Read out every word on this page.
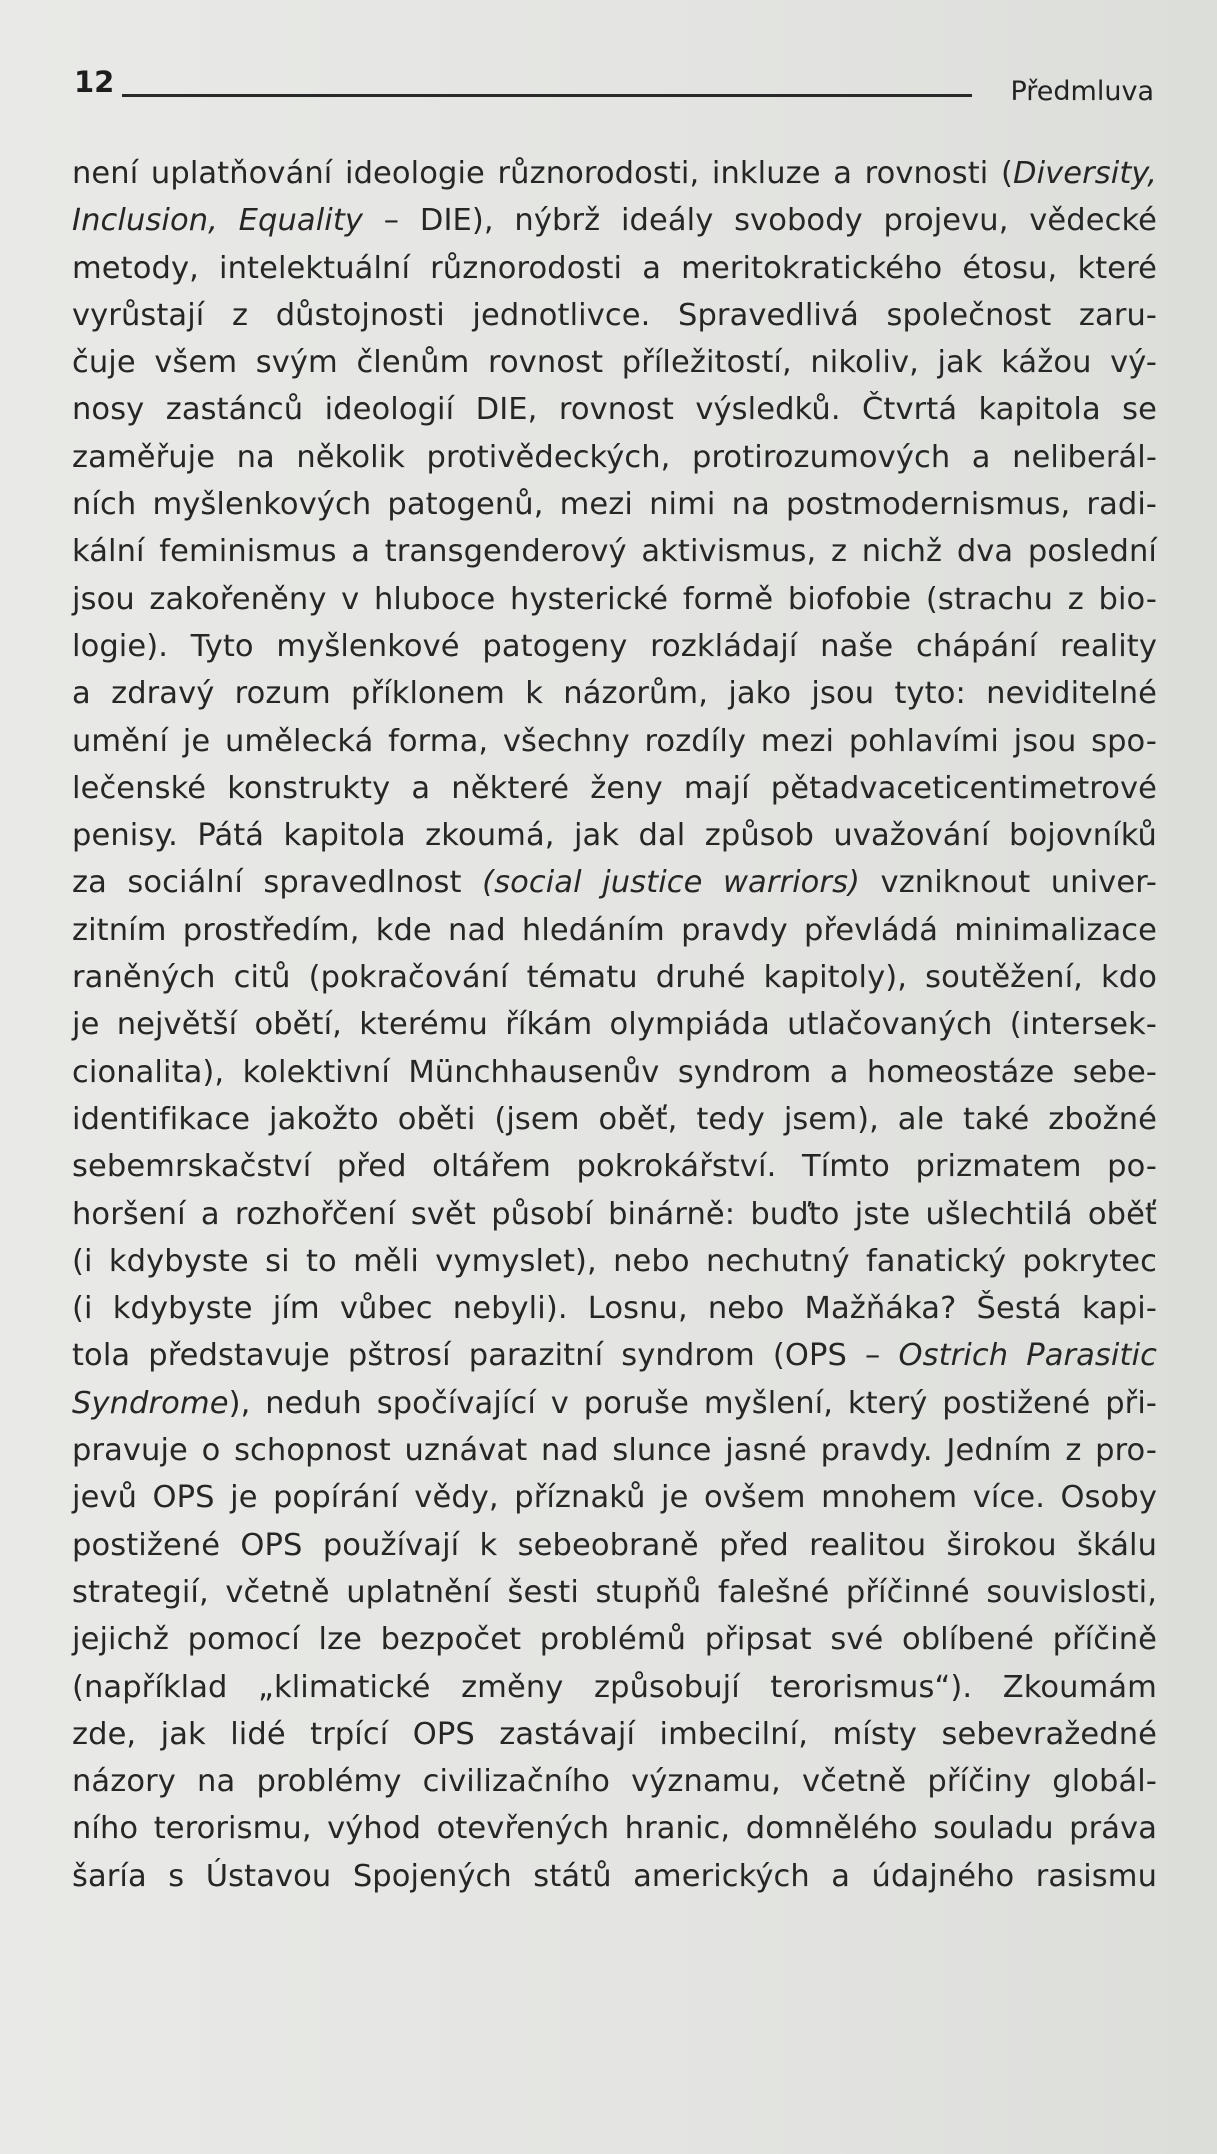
12	Předmluva
není uplatňování ideologie různorodosti, inkluze a rovnosti (Diversity,
Inclusion, Equality – DIE), nýbrž ideály svobody projevu, vědecké
metody, intelektuální různorodosti a meritokratického étosu, které
vyrůstají z důstojnosti jednotlivce. Spravedlivá společnost zaru-
čuje všem svým členům rovnost příležitostí, nikoliv, jak kážou vý-
nosy zastánců ideologií DIE, rovnost výsledků. Čtvrtá kapitola se
zaměřuje na několik protivědeckých, protirozumových a neliberál-
ních myšlenkových patogenů, mezi nimi na postmodernismus, radi-
kální feminismus a transgenderový aktivismus, z nichž dva poslední
jsou zakořeněny v hluboce hysterické formě biofobie (strachu z bio-
logie). Tyto myšlenkové patogeny rozkládají naše chápání reality
a zdravý rozum příklonem k názorům, jako jsou tyto: neviditelné
umění je umělecká forma, všechny rozdíly mezi pohlavími jsou spo-
lečenské konstrukty a některé ženy mají pětadvaceticentimetrové
penisy. Pátá kapitola zkoumá, jak dal způsob uvažování bojovníků
za sociální spravedlnost (social justice warriors) vzniknout univer-
zitním prostředím, kde nad hledáním pravdy převládá minimalizace
raněných citů (pokračování tématu druhé kapitoly), soutěžení, kdo
je největší obětí, kterému říkám olympiáda utlačovaných (intersek-
cionalita), kolektivní Münchhausenův syndrom a homeostáze sebe-
identifikace jakožto oběti (jsem oběť, tedy jsem), ale také zbožné
sebemrskačství před oltářem pokrokářství. Tímto prizmatem po-
horšení a rozhořčení svět působí binárně: buďto jste ušlechtilá oběť
(i kdybyste si to měli vymyslet), nebo nechutný fanatický pokrytec
(i kdybyste jím vůbec nebyli). Losnu, nebo Mažňáka? Šestá kapi-
tola představuje pštrosí parazitní syndrom (OPS – Ostrich Parasitic
Syndrome), neduh spočívající v poruše myšlení, který postižené při-
pravuje o schopnost uznávat nad slunce jasné pravdy. Jedním z pro-
jevů OPS je popírání vědy, příznaků je ovšem mnohem více. Osoby
postižené OPS používají k sebeobraně před realitou širokou škálu
strategií, včetně uplatnění šesti stupňů falešné příčinné souvislosti,
jejichž pomocí lze bezpočet problémů připsat své oblíbené příčině
(například „klimatické změny způsobují terorismus“). Zkoumám
zde, jak lidé trpící OPS zastávají imbecilní, místy sebevražedné
názory na problémy civilizačního významu, včetně příčiny globál-
ního terorismu, výhod otevřených hranic, domnělého souladu práva
šaría s Ústavou Spojených států amerických a údajného rasismu
